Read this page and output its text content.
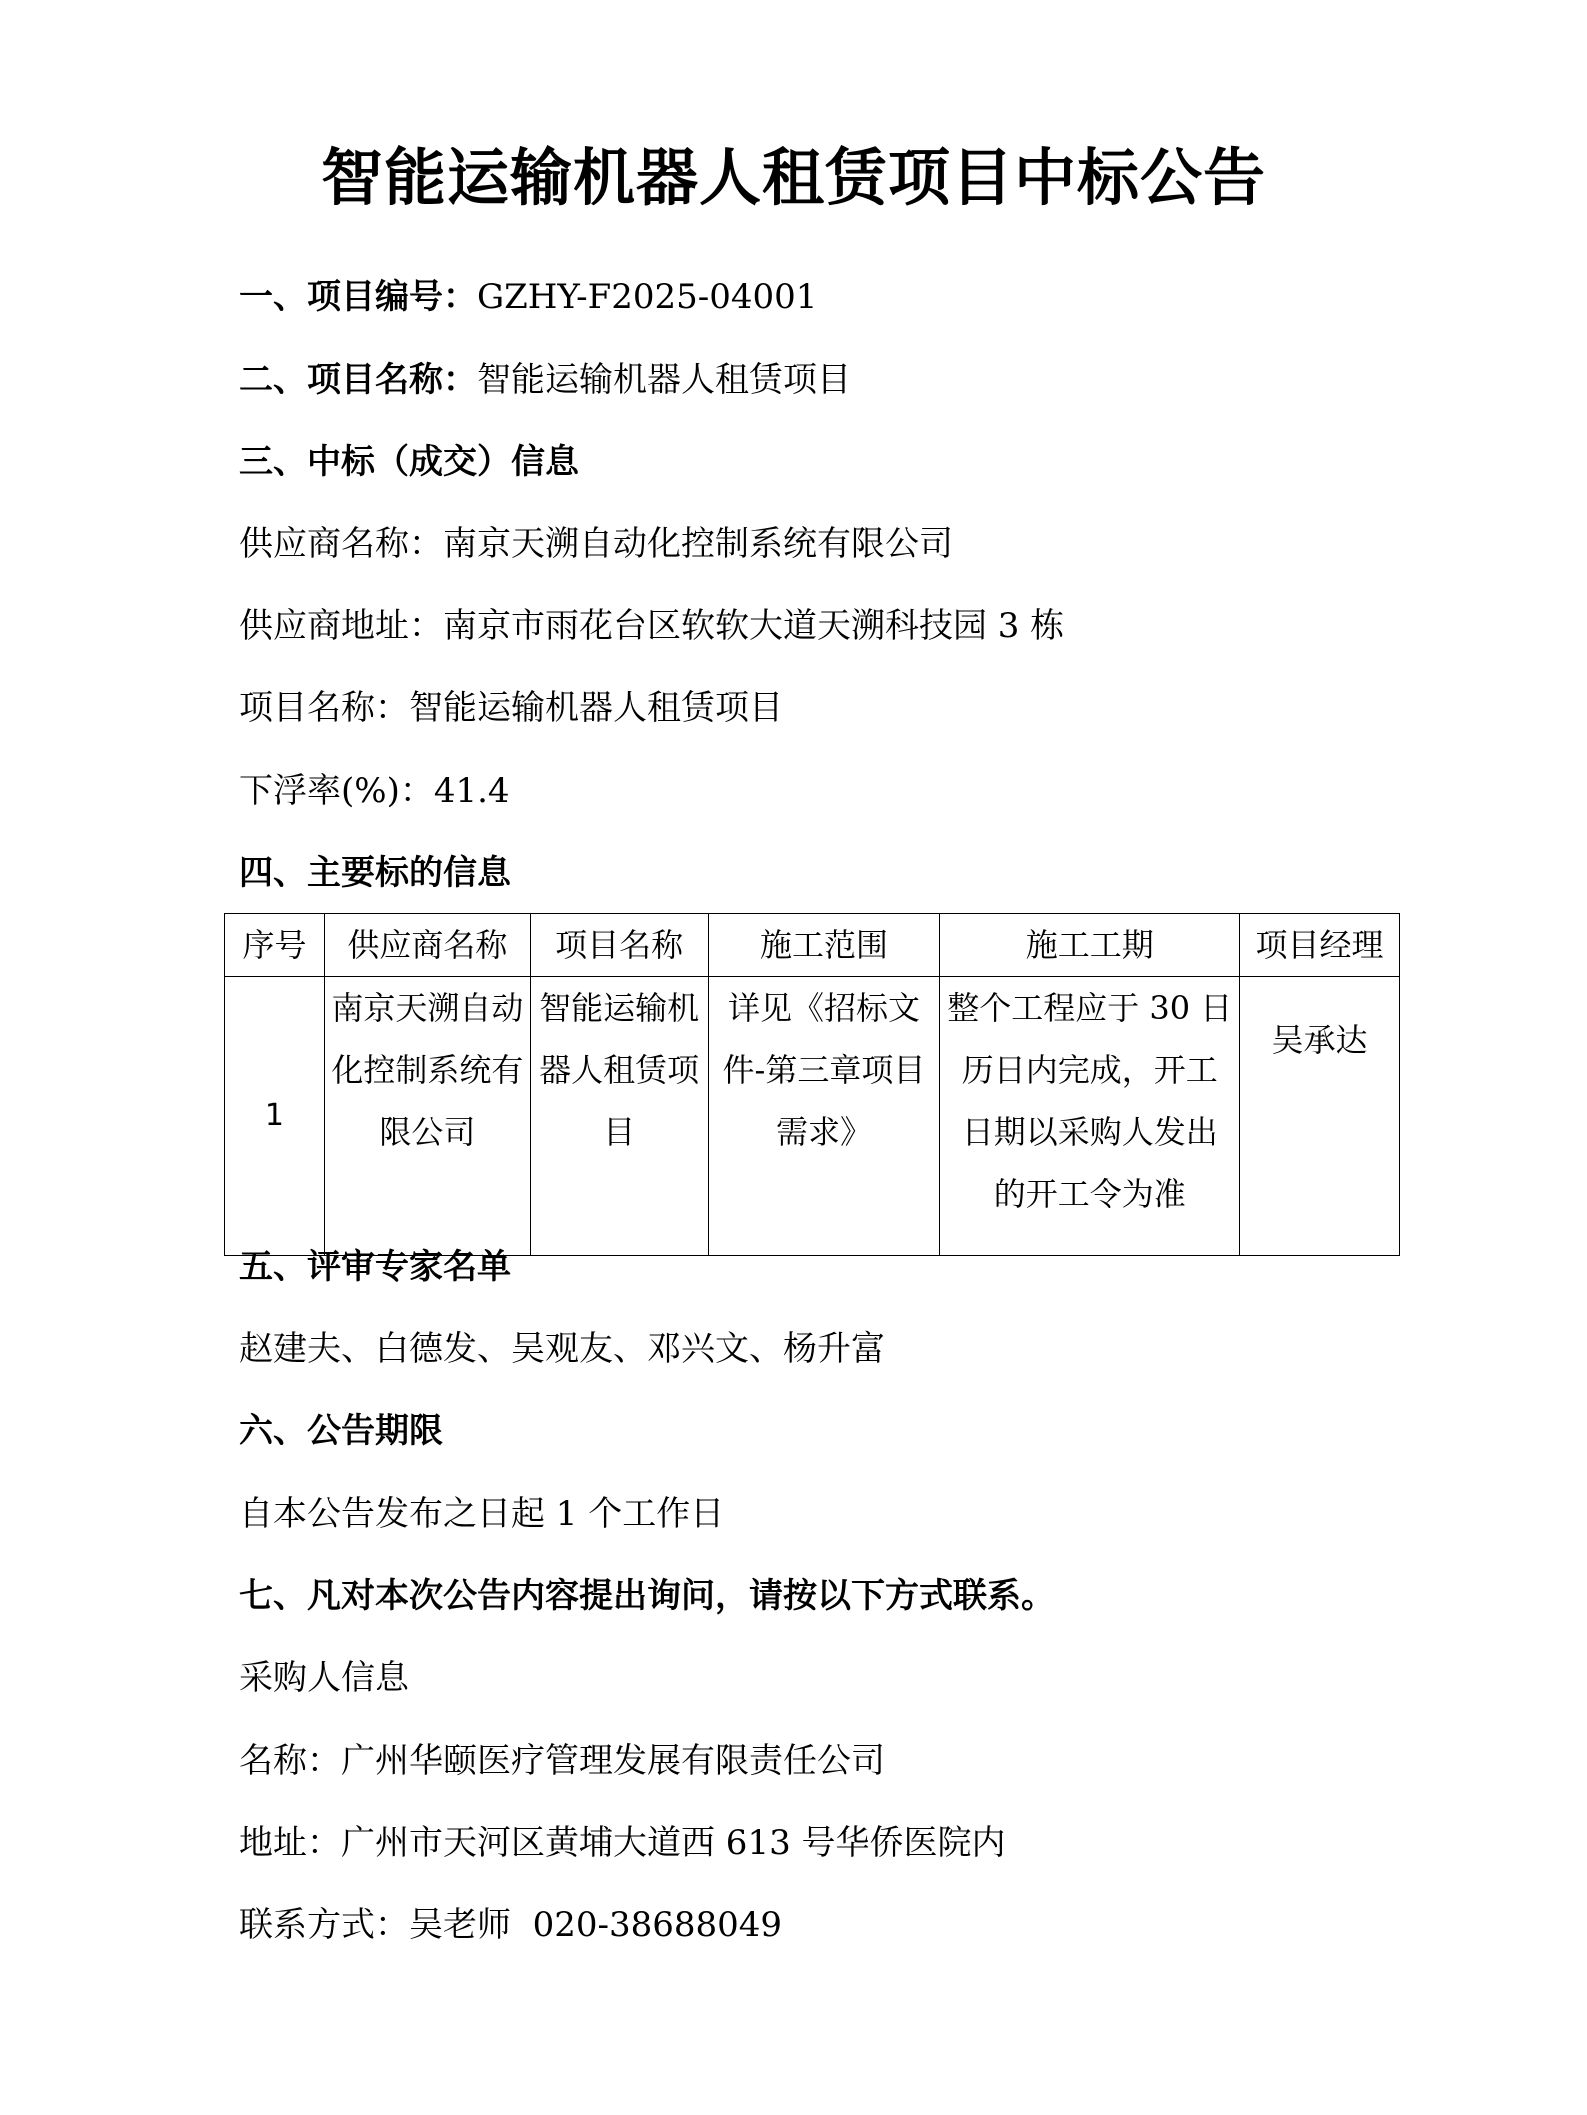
智能运输机器人租赁项目中标公告
一、项目编号：GZHY-F2025-04001
二、项目名称：智能运输机器人租赁项目
三、中标（成交）信息
供应商名称：南京天溯自动化控制系统有限公司
供应商地址：南京市雨花台区软软大道天溯科技园 3 栋
项目名称：智能运输机器人租赁项目
下浮率(%)：41.4
四、主要标的信息
序号	供应商名称	项目名称	施工范围	施工工期	项目经理
1	南京天溯自动化控制系统有限公司	智能运输机器人租赁项目	详见《招标文件-第三章项目需求》	整个工程应于 30 日历日内完成，开工日期以采购人发出的开工令为准	吴承达
五、评审专家名单
赵建夫、白德发、吴观友、邓兴文、杨升富
六、公告期限
自本公告发布之日起 1 个工作日
七、凡对本次公告内容提出询问，请按以下方式联系。
采购人信息
名称：广州华颐医疗管理发展有限责任公司
地址：广州市天河区黄埔大道西 613 号华侨医院内
联系方式：吴老师  020-38688049
